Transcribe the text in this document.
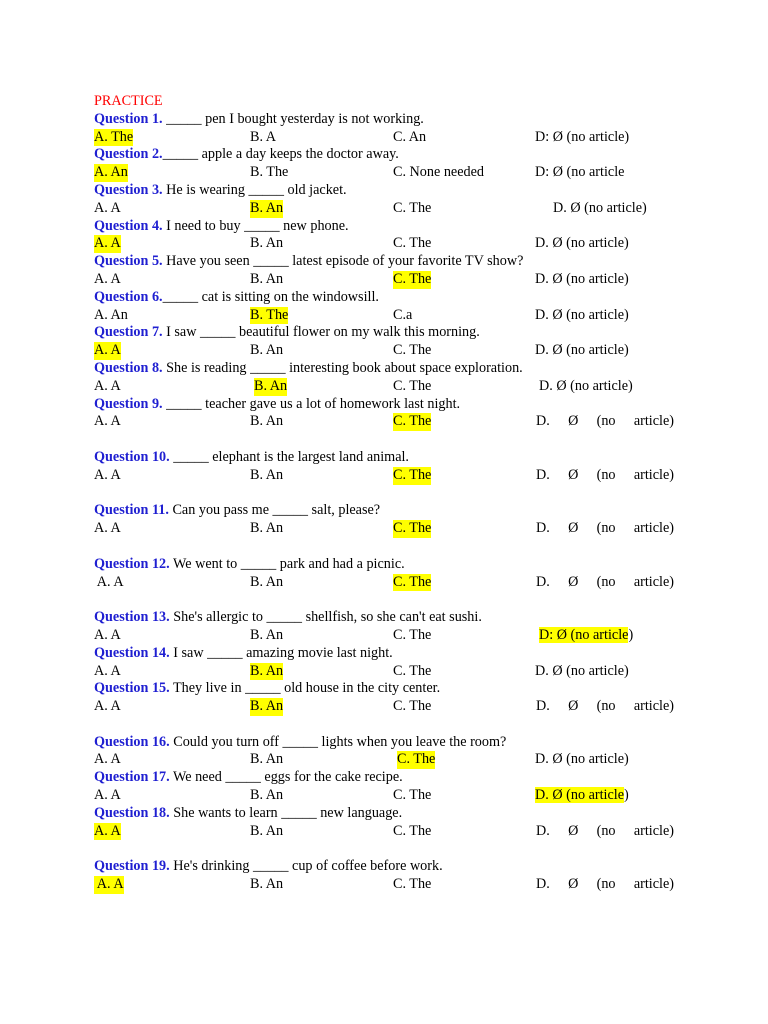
PRACTICE
Question 1. _____ pen I bought yesterday is not working.
A. The	B. A	C. An	D: Ø (no article)
Question 2._____ apple a day keeps the doctor away.
A. An	B. The	C. None needed	D: Ø (no article
Question 3. He is wearing _____ old jacket.
A. A	B. An	C. The	D. Ø (no article)
Question 4. I need to buy _____ new phone.
A. A	B. An	C. The	D. Ø (no article)
Question 5. Have you seen _____ latest episode of your favorite TV show?
A. A	B. An	C. The	D. Ø (no article)
Question 6._____ cat is sitting on the windowsill.
A. An	B. The	C.a	D. Ø (no article)
Question 7. I saw _____ beautiful flower on my walk this morning.
A. A	B. An	C. The	D. Ø (no article)
Question 8. She is reading _____ interesting book about space exploration.
A. A	B. An	C. The	D. Ø (no article)
Question 9. _____ teacher gave us a lot of homework last night.
A. A	B. An	C. The	D. Ø (no article)
Question 10. _____ elephant is the largest land animal.
A. A	B. An	C. The	D. Ø (no article)
Question 11. Can you pass me _____ salt, please?
A. A	B. An	C. The	D. Ø (no article)
Question 12. We went to _____ park and had a picnic.
A. A	B. An	C. The	D. Ø (no article)
Question 13. She's allergic to _____ shellfish, so she can't eat sushi.
A. A	B. An	C. The	D: Ø (no article)
Question 14. I saw _____ amazing movie last night.
A. A	B. An	C. The	D. Ø (no article)
Question 15. They live in _____ old house in the city center.
A. A	B. An	C. The	D. Ø (no article)
Question 16. Could you turn off _____ lights when you leave the room?
A. A	B. An	C. The	D. Ø (no article)
Question 17. We need _____ eggs for the cake recipe.
A. A	B. An	C. The	D. Ø (no article)
Question 18. She wants to learn _____ new language.
A. A	B. An	C. The	D. Ø (no article)
Question 19. He's drinking _____ cup of coffee before work.
A. A	B. An	C. The	D. Ø (no article)
